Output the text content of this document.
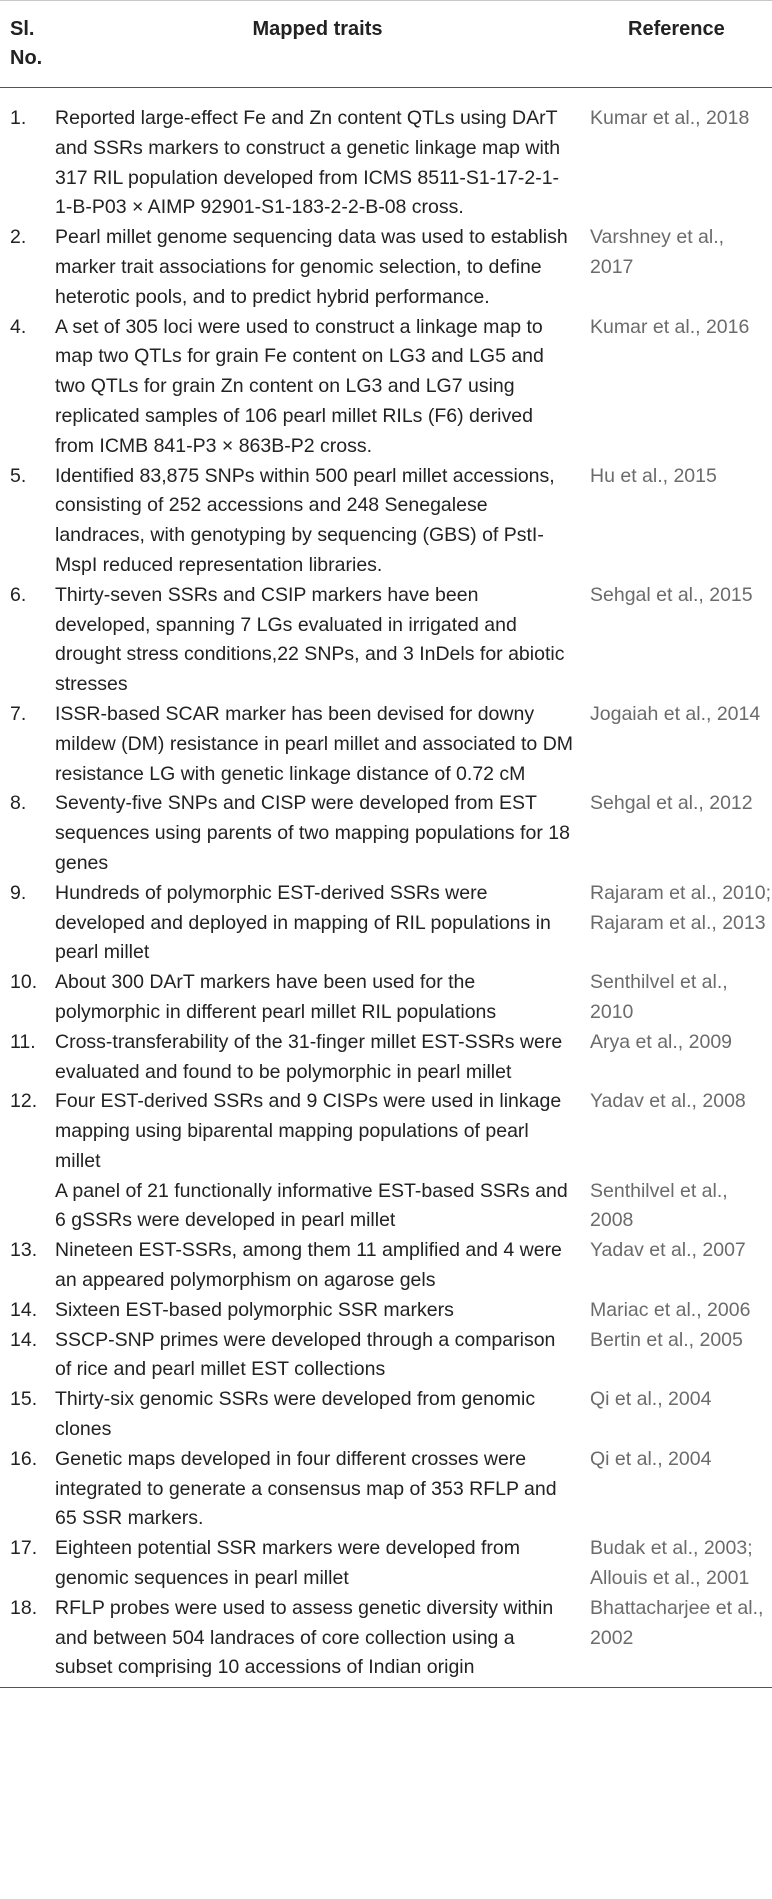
Sl. No.	Mapped traits	Reference
1.	Reported large-effect Fe and Zn content QTLs using DArT and SSRs markers to construct a genetic linkage map with 317 RIL population developed from ICMS 8511-S1-17-2-1-1-B-P03 × AIMP 92901-S1-183-2-2-B-08 cross.	Kumar et al., 2018
2.	Pearl millet genome sequencing data was used to establish marker trait associations for genomic selection, to define heterotic pools, and to predict hybrid performance.	Varshney et al., 2017
4.	A set of 305 loci were used to construct a linkage map to map two QTLs for grain Fe content on LG3 and LG5 and two QTLs for grain Zn content on LG3 and LG7 using replicated samples of 106 pearl millet RILs (F6) derived from ICMB 841-P3 × 863B-P2 cross.	Kumar et al., 2016
5.	Identified 83,875 SNPs within 500 pearl millet accessions, consisting of 252 accessions and 248 Senegalese landraces, with genotyping by sequencing (GBS) of PstI-MspI reduced representation libraries.	Hu et al., 2015
6.	Thirty-seven SSRs and CSIP markers have been developed, spanning 7 LGs evaluated in irrigated and drought stress conditions,22 SNPs, and 3 InDels for abiotic stresses	Sehgal et al., 2015
7.	ISSR-based SCAR marker has been devised for downy mildew (DM) resistance in pearl millet and associated to DM resistance LG with genetic linkage distance of 0.72 cM	Jogaiah et al., 2014
8.	Seventy-five SNPs and CISP were developed from EST sequences using parents of two mapping populations for 18 genes	Sehgal et al., 2012
9.	Hundreds of polymorphic EST-derived SSRs were developed and deployed in mapping of RIL populations in pearl millet	Rajaram et al., 2010; Rajaram et al., 2013
10.	About 300 DArT markers have been used for the polymorphic in different pearl millet RIL populations	Senthilvel et al., 2010
11.	Cross-transferability of the 31-finger millet EST-SSRs were evaluated and found to be polymorphic in pearl millet	Arya et al., 2009
12.	Four EST-derived SSRs and 9 CISPs were used in linkage mapping using biparental mapping populations of pearl millet	Yadav et al., 2008
	A panel of 21 functionally informative EST-based SSRs and 6 gSSRs were developed in pearl millet	Senthilvel et al., 2008
13.	Nineteen EST-SSRs, among them 11 amplified and 4 were an appeared polymorphism on agarose gels	Yadav et al., 2007
14.	Sixteen EST-based polymorphic SSR markers	Mariac et al., 2006
14.	SSCP-SNP primes were developed through a comparison of rice and pearl millet EST collections	Bertin et al., 2005
15.	Thirty-six genomic SSRs were developed from genomic clones	Qi et al., 2004
16.	Genetic maps developed in four different crosses were integrated to generate a consensus map of 353 RFLP and 65 SSR markers.	Qi et al., 2004
17.	Eighteen potential SSR markers were developed from genomic sequences in pearl millet	Budak et al., 2003; Allouis et al., 2001
18.	RFLP probes were used to assess genetic diversity within and between 504 landraces of core collection using a subset comprising 10 accessions of Indian origin	Bhattacharjee et al., 2002
